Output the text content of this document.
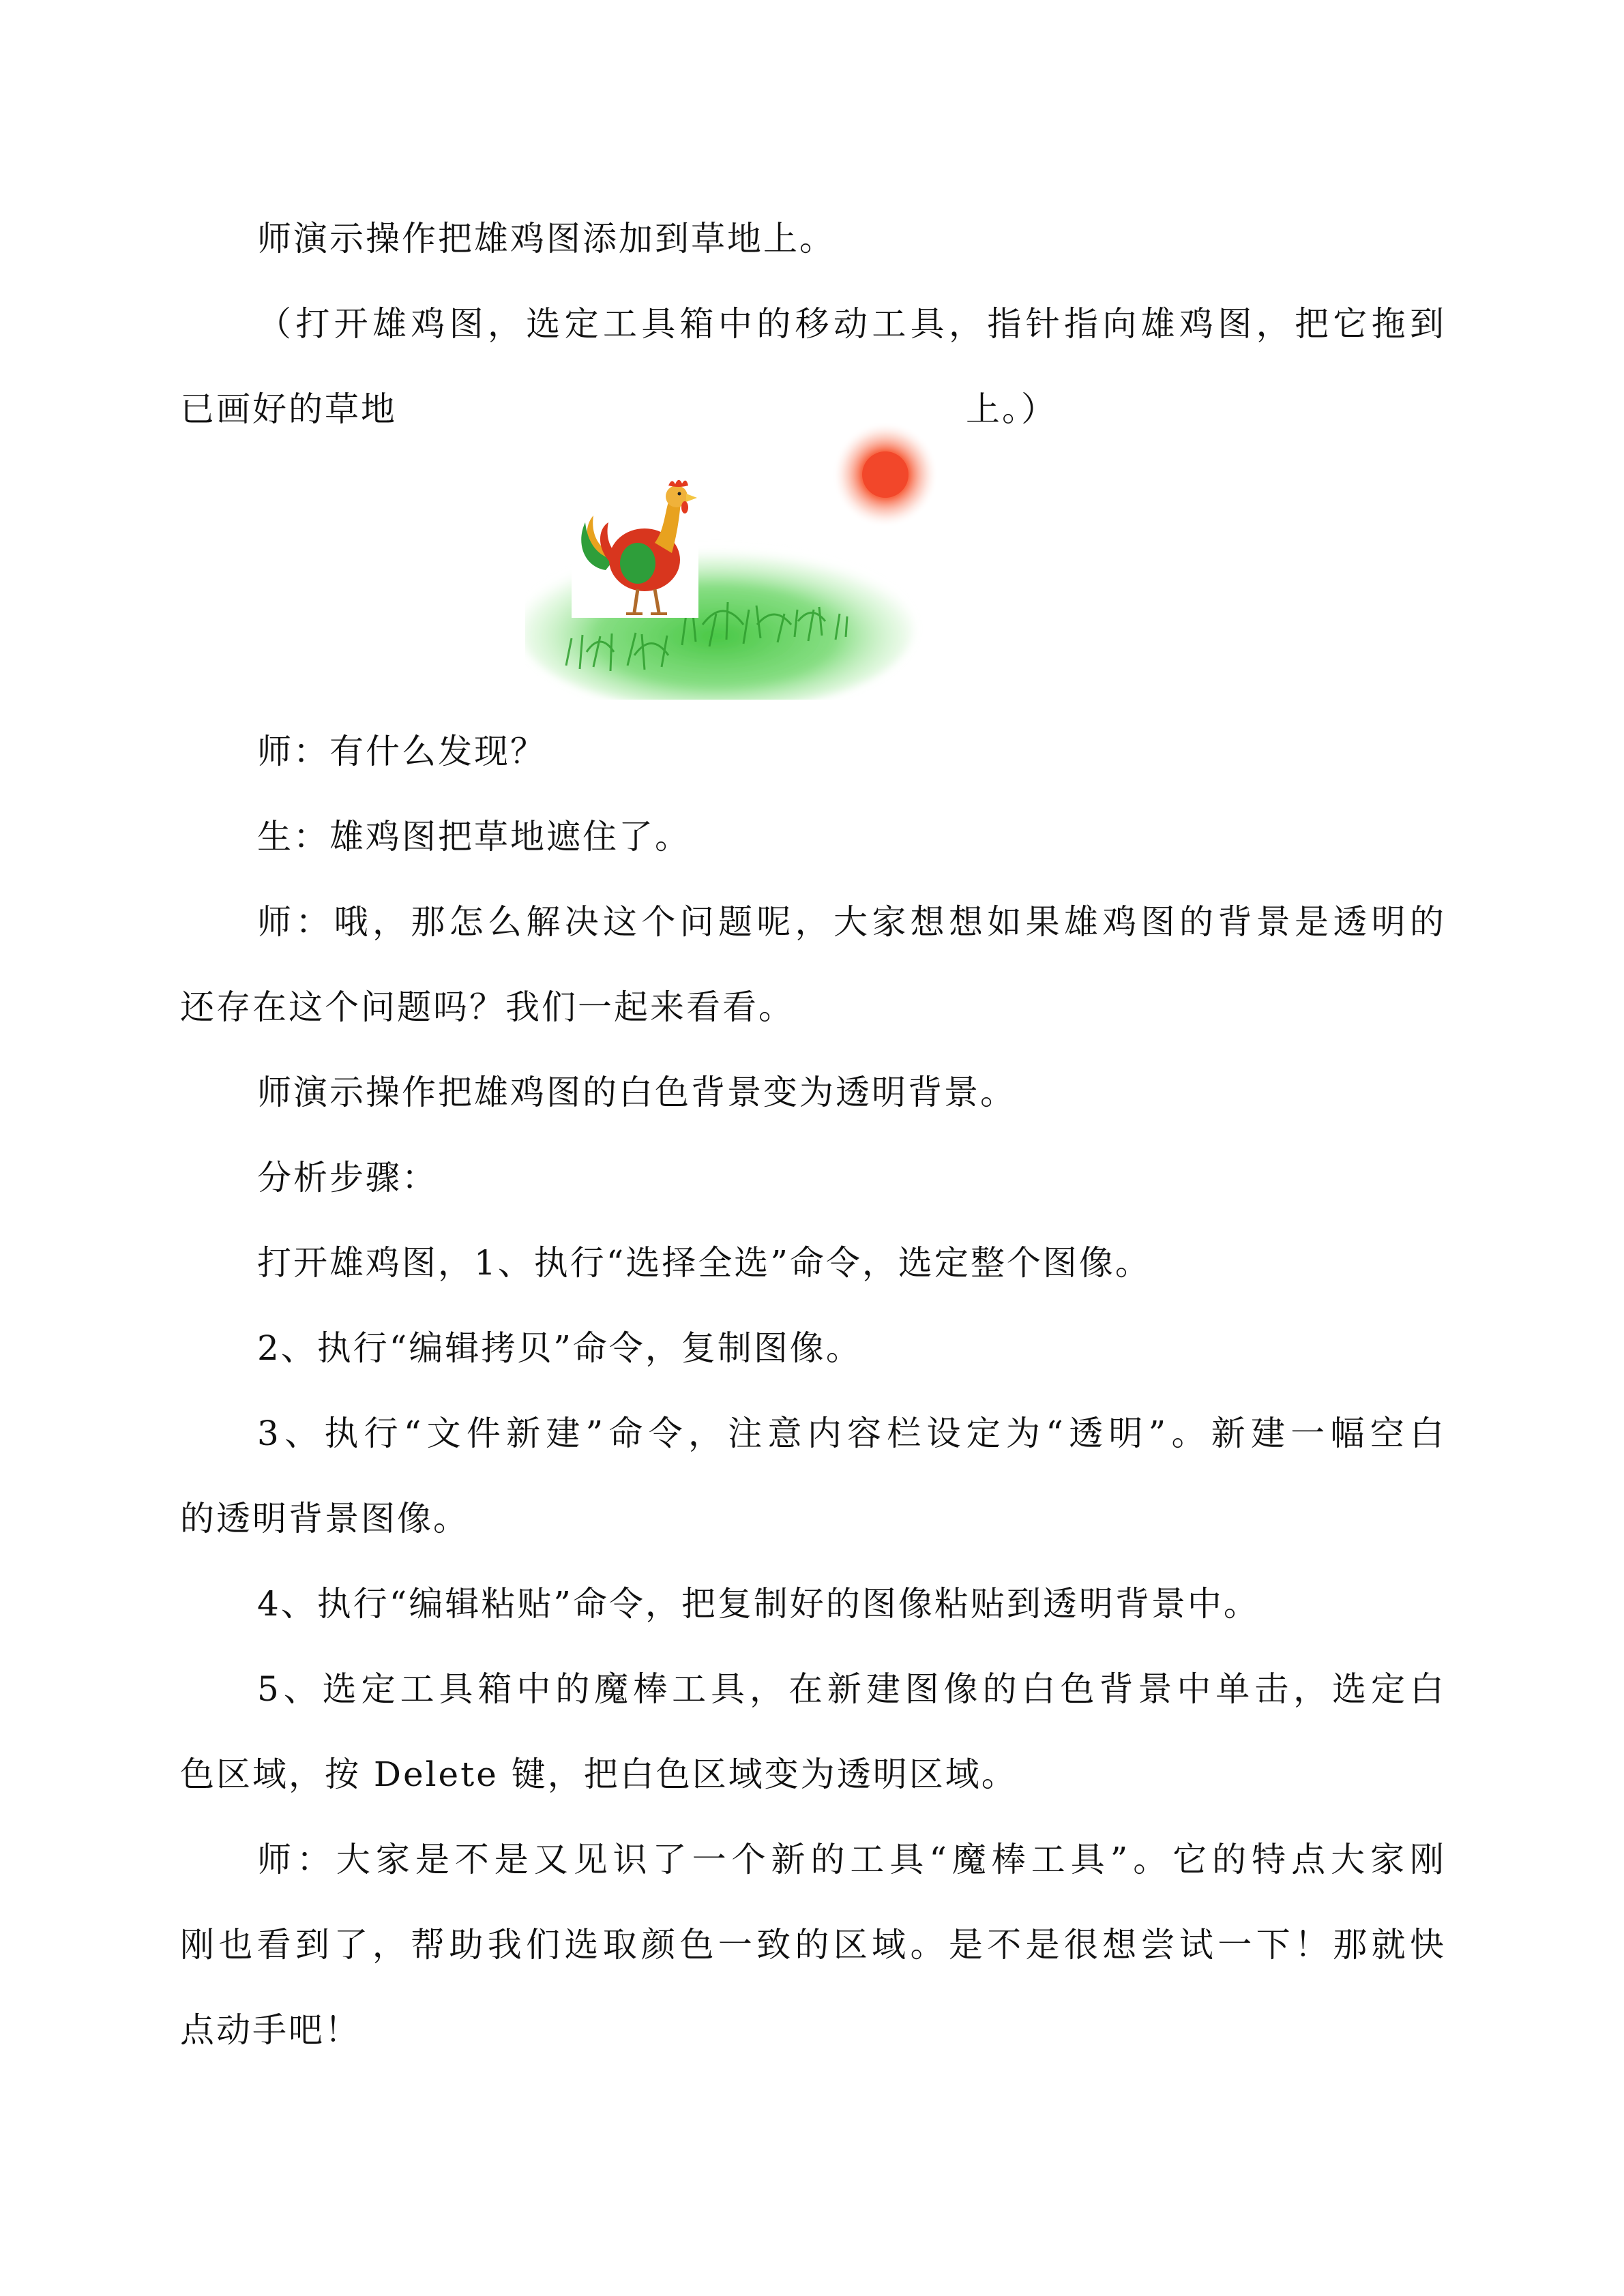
师演示操作把雄鸡图添加到草地上。
（打开雄鸡图，选定工具箱中的移动工具，指针指向雄鸡图，把它拖到
已画好的草地	上。）
师：有什么发现？
生：雄鸡图把草地遮住了。
师：哦，那怎么解决这个问题呢，大家想想如果雄鸡图的背景是透明的
还存在这个问题吗？我们一起来看看。
师演示操作把雄鸡图的白色背景变为透明背景。
分析步骤：
打开雄鸡图，1、执行“选择全选”命令，选定整个图像。
2、执行“编辑拷贝”命令，复制图像。
3、执行“文件新建”命令，注意内容栏设定为“透明”。新建一幅空白
的透明背景图像。
4、执行“编辑粘贴”命令，把复制好的图像粘贴到透明背景中。
5、选定工具箱中的魔棒工具，在新建图像的白色背景中单击，选定白
色区域，按 Delete 键，把白色区域变为透明区域。
师：大家是不是又见识了一个新的工具“魔棒工具”。它的特点大家刚
刚也看到了，帮助我们选取颜色一致的区域。是不是很想尝试一下！那就快
点动手吧！
